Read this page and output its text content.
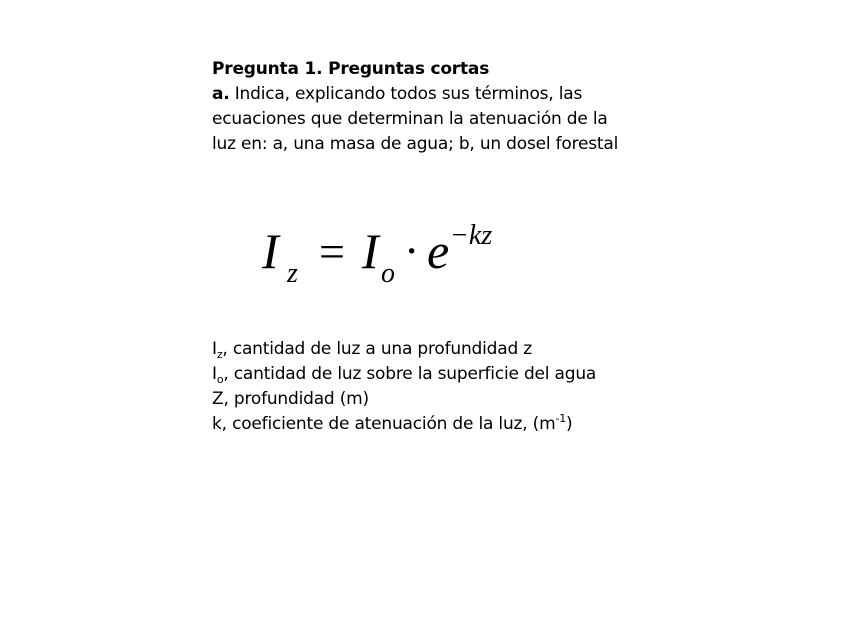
Pregunta 1. Preguntas cortas
a. Indica, explicando todos sus términos, las ecuaciones que determinan la atenuación de la luz en: a, una masa de agua; b, un dosel forestal
I z = I o · e −kz
$I_z$, cantidad de luz a una profundidad z
$I_o$, cantidad de luz sobre la superficie del agua
Z, profundidad (m)
k, coeficiente de atenuación de la luz, $(m^{-1})$
